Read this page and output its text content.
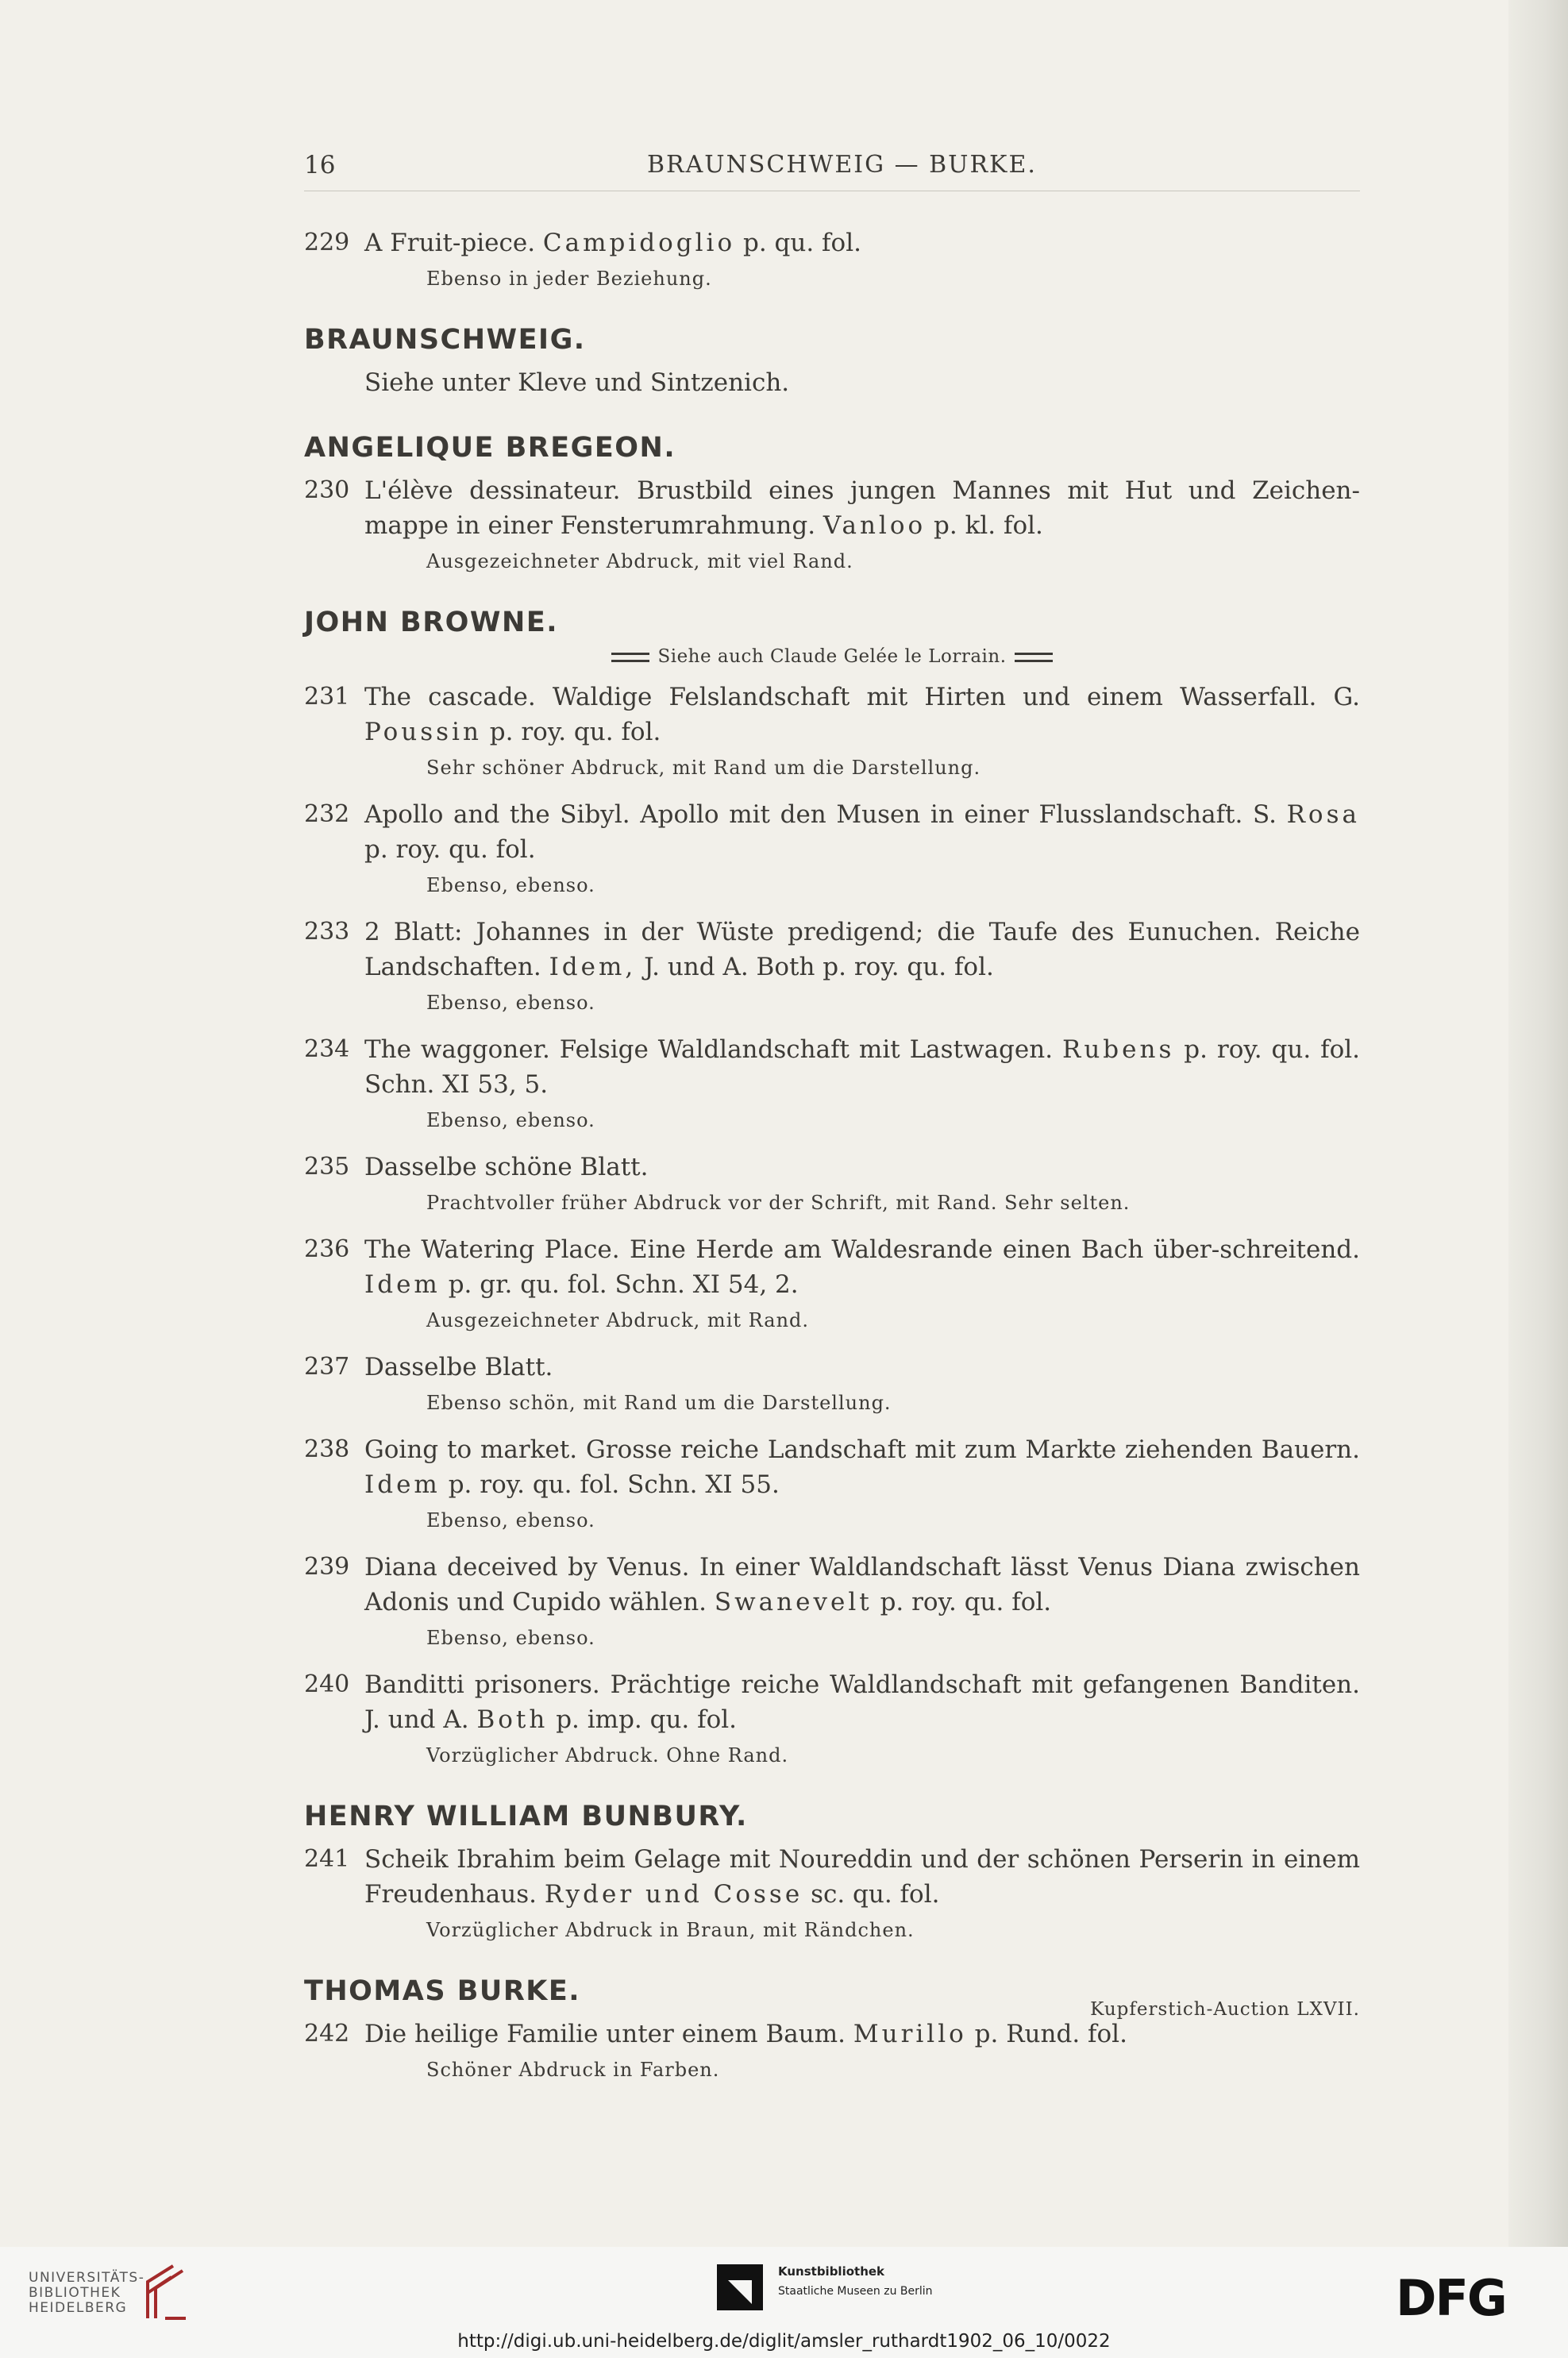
16	BRAUNSCHWEIG — BURKE.
229 A Fruit-piece. Campidoglio p. qu. fol.
Ebenso in jeder Beziehung.
BRAUNSCHWEIG.
Siehe unter Kleve und Sintzenich.
ANGELIQUE BREGEON.
230 L'élève dessinateur. Brustbild eines jungen Mannes mit Hut und Zeichen-mappe in einer Fensterumrahmung. Vanloo p. kl. fol.
Ausgezeichneter Abdruck, mit viel Rand.
JOHN BROWNE.
Siehe auch Claude Gelée le Lorrain.
231 The cascade. Waldige Felslandschaft mit Hirten und einem Wasserfall. G. Poussin p. roy. qu. fol.
Sehr schöner Abdruck, mit Rand um die Darstellung.
232 Apollo and the Sibyl. Apollo mit den Musen in einer Flusslandschaft. S. Rosa p. roy. qu. fol.
Ebenso, ebenso.
233 2 Blatt: Johannes in der Wüste predigend; die Taufe des Eunuchen. Reiche Landschaften. Idem, J. und A. Both p. roy. qu. fol.
Ebenso, ebenso.
234 The waggoner. Felsige Waldlandschaft mit Lastwagen. Rubens p. roy. qu. fol. Schn. XI 53, 5.
Ebenso, ebenso.
235 Dasselbe schöne Blatt.
Prachtvoller früher Abdruck vor der Schrift, mit Rand. Sehr selten.
236 The Watering Place. Eine Herde am Waldesrande einen Bach über-schreitend. Idem p. gr. qu. fol. Schn. XI 54, 2.
Ausgezeichneter Abdruck, mit Rand.
237 Dasselbe Blatt.
Ebenso schön, mit Rand um die Darstellung.
238 Going to market. Grosse reiche Landschaft mit zum Markte ziehenden Bauern. Idem p. roy. qu. fol. Schn. XI 55.
Ebenso, ebenso.
239 Diana deceived by Venus. In einer Waldlandschaft lässt Venus Diana zwischen Adonis und Cupido wählen. Swanevelt p. roy. qu. fol.
Ebenso, ebenso.
240 Banditti prisoners. Prächtige reiche Waldlandschaft mit gefangenen Banditen. J. und A. Both p. imp. qu. fol.
Vorzüglicher Abdruck. Ohne Rand.
HENRY WILLIAM BUNBURY.
241 Scheik Ibrahim beim Gelage mit Noureddin und der schönen Perserin in einem Freudenhaus. Ryder und Cosse sc. qu. fol.
Vorzüglicher Abdruck in Braun, mit Rändchen.
THOMAS BURKE.
242 Die heilige Familie unter einem Baum. Murillo p. Rund. fol.
Schöner Abdruck in Farben.
Kupferstich-Auction LXVII.
UNIVERSITÄTS-
BIBLIOTHEK
HEIDELBERG
Kunstbibliothek
Staatliche Museen zu Berlin	DFG
http://digi.ub.uni-heidelberg.de/diglit/amsler_ruthardt1902_06_10/0022
